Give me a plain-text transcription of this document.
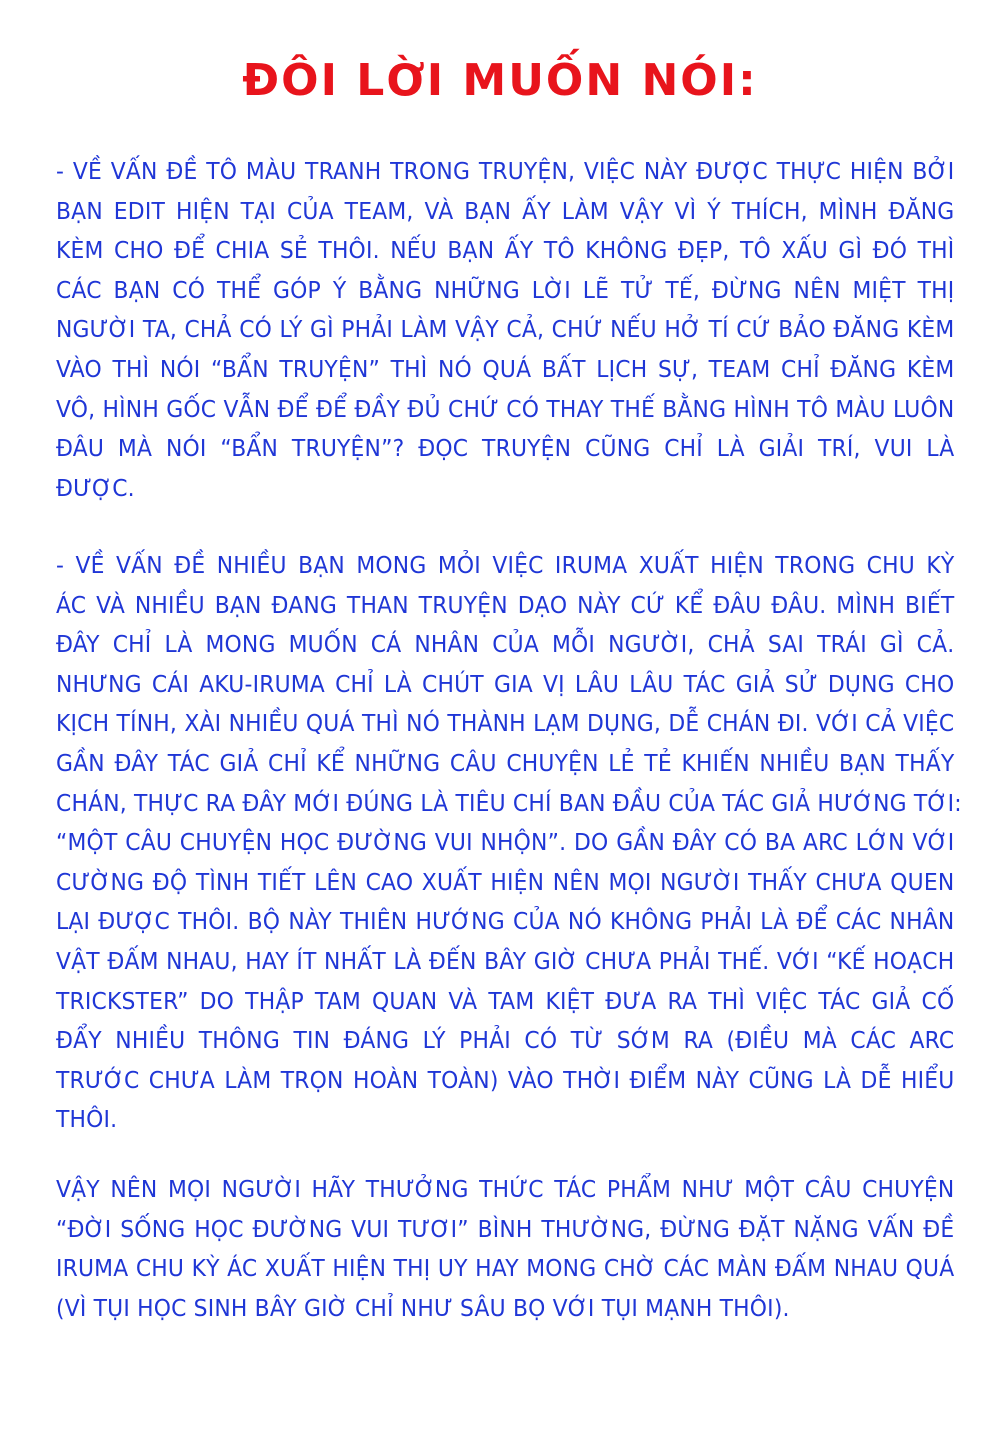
ĐÔI LỜI MUỐN NÓI:
- VỀ VẤN ĐỀ TÔ MÀU TRANH TRONG TRUYỆN, VIỆC NÀY ĐƯỢC THỰC HIỆN BỞI
BẠN EDIT HIỆN TẠI CỦA TEAM, VÀ BẠN ẤY LÀM VẬY VÌ Ý THÍCH, MÌNH ĐĂNG
KÈM CHO ĐỂ CHIA SẺ THÔI. NẾU BẠN ẤY TÔ KHÔNG ĐẸP, TÔ XẤU GÌ ĐÓ THÌ
CÁC BẠN CÓ THỂ GÓP Ý BẰNG NHỮNG LỜI LẼ TỬ TẾ, ĐỪNG NÊN MIỆT THỊ
NGƯỜI TA, CHẢ CÓ LÝ GÌ PHẢI LÀM VẬY CẢ, CHỨ NẾU HỞ TÍ CỨ BẢO ĐĂNG KÈM
VÀO THÌ NÓI “BẨN TRUYỆN” THÌ NÓ QUÁ BẤT LỊCH SỰ, TEAM CHỈ ĐĂNG KÈM
VÔ, HÌNH GỐC VẪN ĐỂ ĐỂ ĐẦY ĐỦ CHỨ CÓ THAY THẾ BẰNG HÌNH TÔ MÀU LUÔN
ĐÂU MÀ NÓI “BẨN TRUYỆN”? ĐỌC TRUYỆN CŨNG CHỈ LÀ GIẢI TRÍ, VUI LÀ
ĐƯỢC.
- VỀ VẤN ĐỀ NHIỀU BẠN MONG MỎI VIỆC IRUMA XUẤT HIỆN TRONG CHU KỲ
ÁC VÀ NHIỀU BẠN ĐANG THAN TRUYỆN DẠO NÀY CỨ KỂ ĐÂU ĐÂU. MÌNH BIẾT
ĐÂY CHỈ LÀ MONG MUỐN CÁ NHÂN CỦA MỖI NGƯỜI, CHẢ SAI TRÁI GÌ CẢ.
NHƯNG CÁI AKU-IRUMA CHỈ LÀ CHÚT GIA VỊ LÂU LÂU TÁC GIẢ SỬ DỤNG CHO
KỊCH TÍNH, XÀI NHIỀU QUÁ THÌ NÓ THÀNH LẠM DỤNG, DỄ CHÁN ĐI. VỚI CẢ VIỆC
GẦN ĐÂY TÁC GIẢ CHỈ KỂ NHỮNG CÂU CHUYỆN LẺ TẺ KHIẾN NHIỀU BẠN THẤY
CHÁN, THỰC RA ĐÂY MỚI ĐÚNG LÀ TIÊU CHÍ BAN ĐẦU CỦA TÁC GIẢ HƯỚNG TỚI:
“MỘT CÂU CHUYỆN HỌC ĐƯỜNG VUI NHỘN”. DO GẦN ĐÂY CÓ BA ARC LỚN VỚI
CƯỜNG ĐỘ TÌNH TIẾT LÊN CAO XUẤT HIỆN NÊN MỌI NGƯỜI THẤY CHƯA QUEN
LẠI ĐƯỢC THÔI. BỘ NÀY THIÊN HƯỚNG CỦA NÓ KHÔNG PHẢI LÀ ĐỂ CÁC NHÂN
VẬT ĐẤM NHAU, HAY ÍT NHẤT LÀ ĐẾN BÂY GIỜ CHƯA PHẢI THẾ. VỚI “KẾ HOẠCH
TRICKSTER” DO THẬP TAM QUAN VÀ TAM KIỆT ĐƯA RA THÌ VIỆC TÁC GIẢ CỐ
ĐẨY NHIỀU THÔNG TIN ĐÁNG LÝ PHẢI CÓ TỪ SỚM RA (ĐIỀU MÀ CÁC ARC
TRƯỚC CHƯA LÀM TRỌN HOÀN TOÀN) VÀO THỜI ĐIỂM NÀY CŨNG LÀ DỄ HIỂU
THÔI.
VẬY NÊN MỌI NGƯỜI HÃY THƯỞNG THỨC TÁC PHẨM NHƯ MỘT CÂU CHUYỆN
“ĐỜI SỐNG HỌC ĐƯỜNG VUI TƯƠI” BÌNH THƯỜNG, ĐỪNG ĐẶT NẶNG VẤN ĐỀ
IRUMA CHU KỲ ÁC XUẤT HIỆN THỊ UY HAY MONG CHỜ CÁC MÀN ĐẤM NHAU QUÁ
(VÌ TỤI HỌC SINH BÂY GIỜ CHỈ NHƯ SÂU BỌ VỚI TỤI MẠNH THÔI).
